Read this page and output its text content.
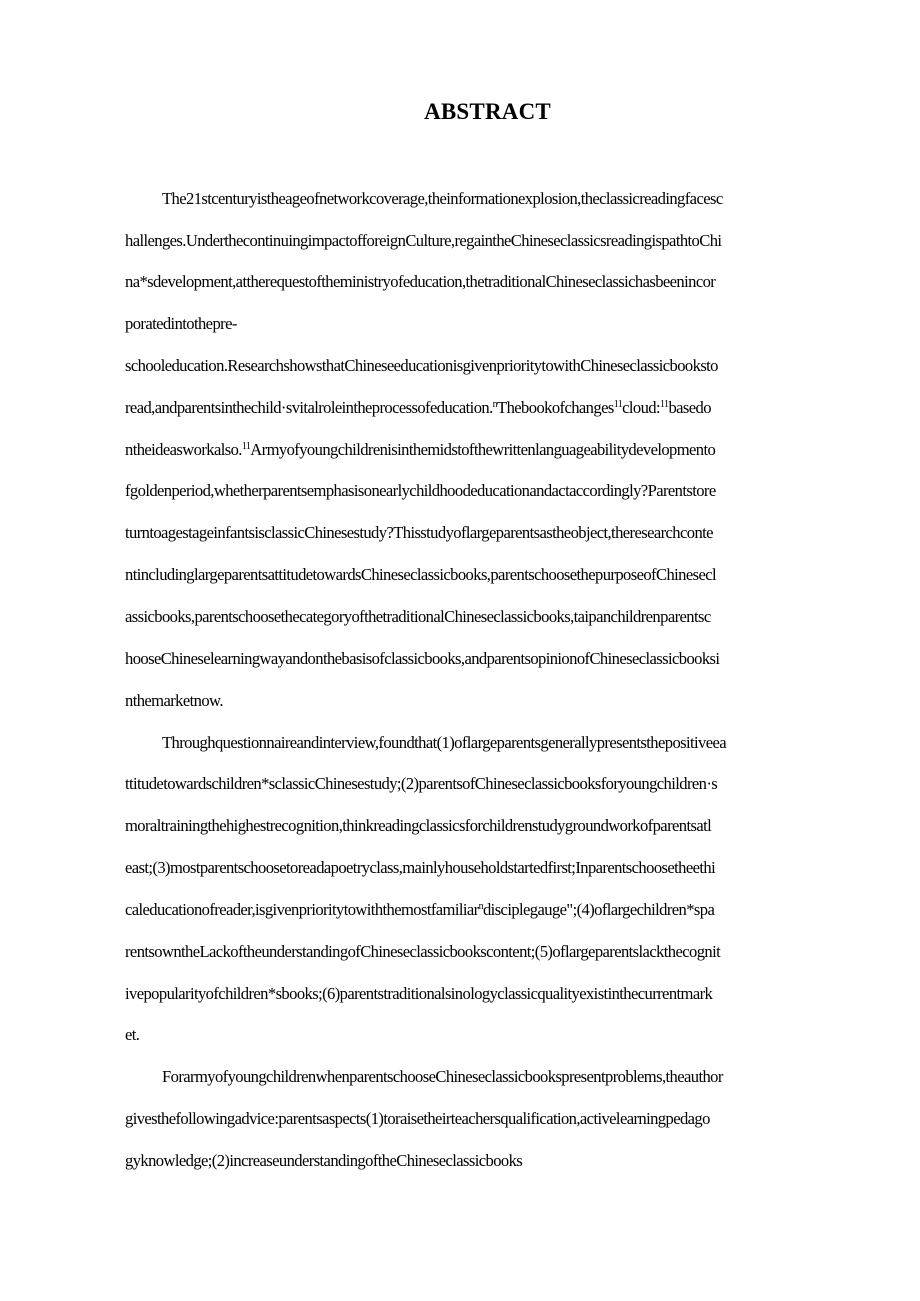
ABSTRACT
The21stcenturyistheageofnetworkcoverage,theinformationexplosion,theclassicreadingfacesc
hallenges.UnderthecontinuingimpactofforeignCulture,regaintheChineseclassicsreadingispathtoChi
na*sdevelopment,attherequestoftheministryofeducation,thetraditionalChineseclassichasbeenincor
poratedintothepre-
schooleducation.ResearchshowsthatChineseeducationisgivenprioritytowithChineseclassicbooksto
read,andparentsinthechild·svitalroleintheprocessofeducation.$^n$Thebookofchanges$^{11}$cloud:$^{11}$basedo
ntheideasworkalso.$^{11}$Armyofyoungchildrenisinthemidstofthewrittenlanguageabilitydevelopmento
fgoldenperiod,whetherparentsemphasisonearlychildhoodeducationandactaccordingly?Parentstore
turntoagestageinfantsisclassicChinesestudy?Thisstudyoflargeparentsastheobject,theresearchconte
ntincludinglargeparentsattitudetowardsChineseclassicbooks,parentschoosethepurposeofChinesecl
assicbooks,parentschoosethecategoryofthetraditionalChineseclassicbooks,taipanchildrenparentsc
hooseChineselearningwayandonthebasisofclassicbooks,andparentsopinionofChineseclassicbooksi
nthemarketnow.
Throughquestionnaireandinterview,foundthat(1)oflargeparentsgenerallypresentsthepositiveea
ttitudetowardschildren*sclassicChinesestudy;(2)parentsofChineseclassicbooksforyoungchildren·s
moraltrainingthehighestrecognition,thinkreadingclassicsforchildrenstudygroundworkofparentsatl
east;(3)mostparentschoosetoreadapoetryclass,mainlyhouseholdstartedfirst;Inparentschoosetheethi
caleducationofreader,isgivenprioritytowiththemostfamiliar$^n$disciplegauge";(4)oflargechildren*spa
rentsowntheLackoftheunderstandingofChineseclassicbookscontent;(5)oflargeparentslackthecognit
ivepopularityofchildren*sbooks;(6)parentstraditionalsinologyclassicqualityexistinthecurrentmark
et.
ForarmyofyoungchildrenwhenparentschooseChineseclassicbookspresentproblems,theauthor
givesthefollowingadvice:parentsaspects(1)toraisetheirteachersqualification,activelearningpedago
gyknowledge;(2)increaseunderstandingoftheChineseclassicbooks
